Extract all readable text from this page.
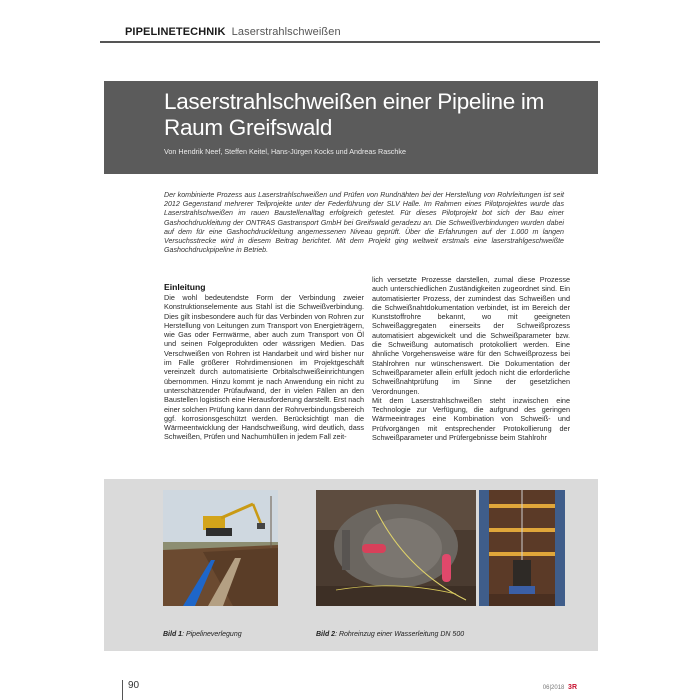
PIPELINETECHNIK Laserstrahlschweißen
Laserstrahlschweißen einer Pipeline im
Raum Greifswald
Von Hendrik Neef, Steffen Keitel, Hans-Jürgen Kocks und Andreas Raschke

Der kombinierte Prozess aus Laserstrahlschweißen und Prüfen von Rundnähten bei der Herstellung von Rohrleitungen ist seit 2012 Gegenstand mehrerer Teilprojekte unter der Federführung der SLV Halle. Im Rahmen eines Pilotprojektes wurde das Laserstrahlschweißen im rauen Baustellenalltag erfolgreich getestet. Für dieses Pilotprojekt bot sich der Bau einer Gashochdruckleitung der ONTRAS Gastransport GmbH bei Greifswald geradezu an. Die Schweißverbindungen wurden dabei auf dem für eine Gashochdruckleitung angemessenen Niveau geprüft. Über die Erfahrungen auf der 1.000 m langen Versuchsstrecke wird in diesem Beitrag berichtet. Mit dem Projekt ging weltweit erstmals eine laserstrahlgeschweißte Gashochdruckpipeline in Betrieb.

Einleitung

Die wohl bedeutendste Form der Verbindung zweier Konstruktionselemente aus Stahl ist die Schweißverbindung. Dies gilt insbesondere auch für das Verbinden von Rohren zur Herstellung von Leitungen zum Transport von Energieträgern, wie Gas oder Fernwärme, aber auch zum Transport von Öl und seinen Folgeprodukten oder wässrigen Medien. Das Verschweißen von Rohren ist Handarbeit und wird bisher nur im Falle größerer Rohrdimensionen im Projektgeschäft vereinzelt durch automatisierte Orbitalschweißeinrichtungen übernommen. Hinzu kommt je nach Anwendung ein nicht zu unterschätzender Prüfaufwand, der in vielen Fällen an den Baustellen logistisch eine Herausforderung darstellt. Erst nach einer solchen Prüfung kann dann der Rohrverbindungsbereich ggf. korrosionsgeschützt werden. Berücksichtigt man die Wärmeentwicklung der Handschweißung, wird deutlich, dass Schweißen, Prüfen und Nachumhüllen in jedem Fall zeit-

lich versetzte Prozesse darstellen, zumal diese Prozesse auch unterschiedlichen Zuständigkeiten zugeordnet sind. Ein automatisierter Prozess, der zumindest das Schweißen und die Schweißnahtdokumentation verbindet, ist im Bereich der Kunststoffrohre bekannt, wo mit geeigneten Schweißaggregaten einerseits der Schweißprozess automatisiert abgewickelt und die Schweißparameter bzw. die Schweißung automatisch protokolliert werden. Eine ähnliche Vorgehensweise wäre für den Schweißprozess bei Stahlrohren nur wünschenswert. Die Dokumentation der Schweißparameter allein erfüllt jedoch nicht die erforderliche Schweißnahtprüfung im Sinne der gesetzlichen Verordnungen.

Mit dem Laserstrahlschweißen steht inzwischen eine Technologie zur Verfügung, die aufgrund des geringen Wärmeeintrages eine Kombination von Schweiß- und Prüfvorgängen mit entsprechender Protokollierung der Schweißparameter und Prüfergebnisse beim Stahlrohr

Bild 1: Pipelineverlegung	Bild 2: Rohreinzug einer Wasserleitung DN 500
90	06|2018 3R
